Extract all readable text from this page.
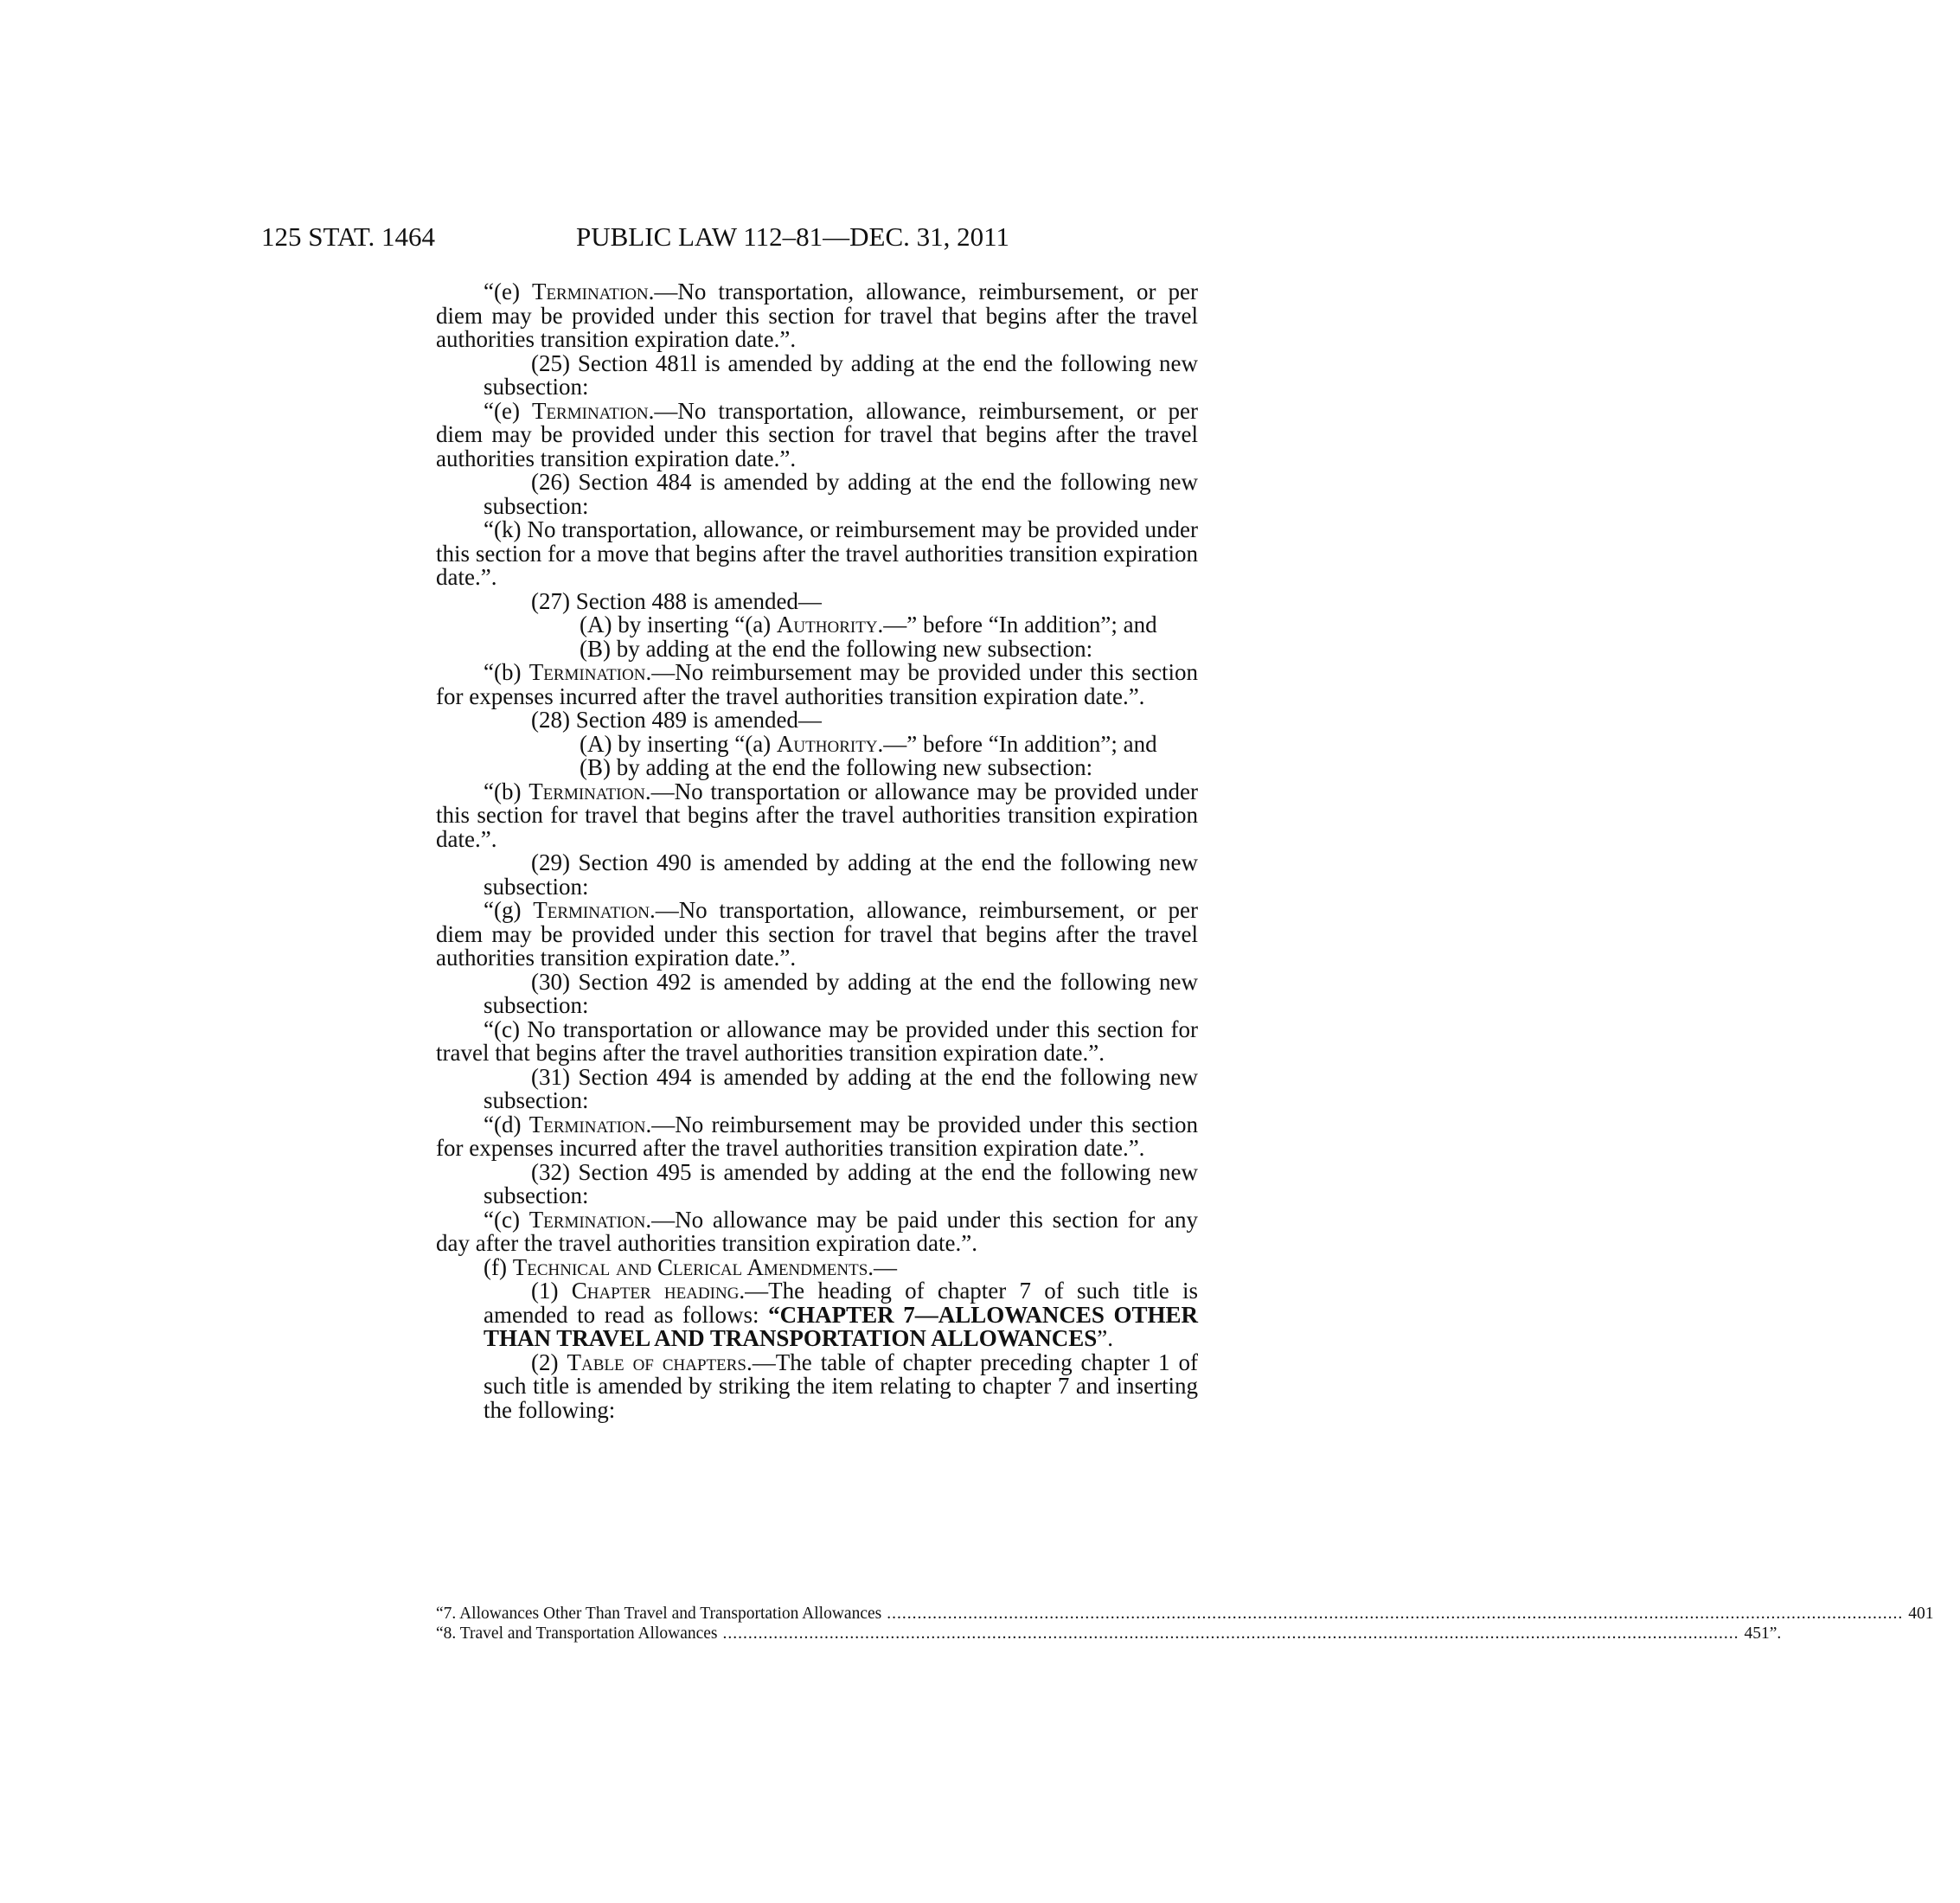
125 STAT. 1464	PUBLIC LAW 112–81—DEC. 31, 2011

“(e) Termination.—No transportation, allowance, reimbursement, or per diem may be provided under this section for travel that begins after the travel authorities transition expiration date.”.

(25) Section 481l is amended by adding at the end the following new subsection:

“(e) Termination.—No transportation, allowance, reimbursement, or per diem may be provided under this section for travel that begins after the travel authorities transition expiration date.”.

(26) Section 484 is amended by adding at the end the following new subsection:

“(k) No transportation, allowance, or reimbursement may be provided under this section for a move that begins after the travel authorities transition expiration date.”.

(27) Section 488 is amended—

(A) by inserting “(a) Authority.—” before “In addition”; and

(B) by adding at the end the following new subsection:

“(b) Termination.—No reimbursement may be provided under this section for expenses incurred after the travel authorities transition expiration date.”.

(28) Section 489 is amended—

(A) by inserting “(a) Authority.—” before “In addition”; and

(B) by adding at the end the following new subsection:

“(b) Termination.—No transportation or allowance may be provided under this section for travel that begins after the travel authorities transition expiration date.”.

(29) Section 490 is amended by adding at the end the following new subsection:

“(g) Termination.—No transportation, allowance, reimbursement, or per diem may be provided under this section for travel that begins after the travel authorities transition expiration date.”.

(30) Section 492 is amended by adding at the end the following new subsection:

“(c) No transportation or allowance may be provided under this section for travel that begins after the travel authorities transition expiration date.”.

(31) Section 494 is amended by adding at the end the following new subsection:

“(d) Termination.—No reimbursement may be provided under this section for expenses incurred after the travel authorities transition expiration date.”.

(32) Section 495 is amended by adding at the end the following new subsection:

“(c) Termination.—No allowance may be paid under this section for any day after the travel authorities transition expiration date.”.

(f) Technical and Clerical Amendments.—

(1) Chapter heading.—The heading of chapter 7 of such title is amended to read as follows: “CHAPTER 7—ALLOWANCES OTHER THAN TRAVEL AND TRANSPORTATION ALLOWANCES”.

(2) Table of chapters.—The table of chapter preceding chapter 1 of such title is amended by striking the item relating to chapter 7 and inserting the following:

“7. Allowances Other Than Travel and Transportation Allowances ........................................................................................................................................................................................................ 401
“8. Travel and Transportation Allowances ........................................................................................................................................................................................................ 451”.
